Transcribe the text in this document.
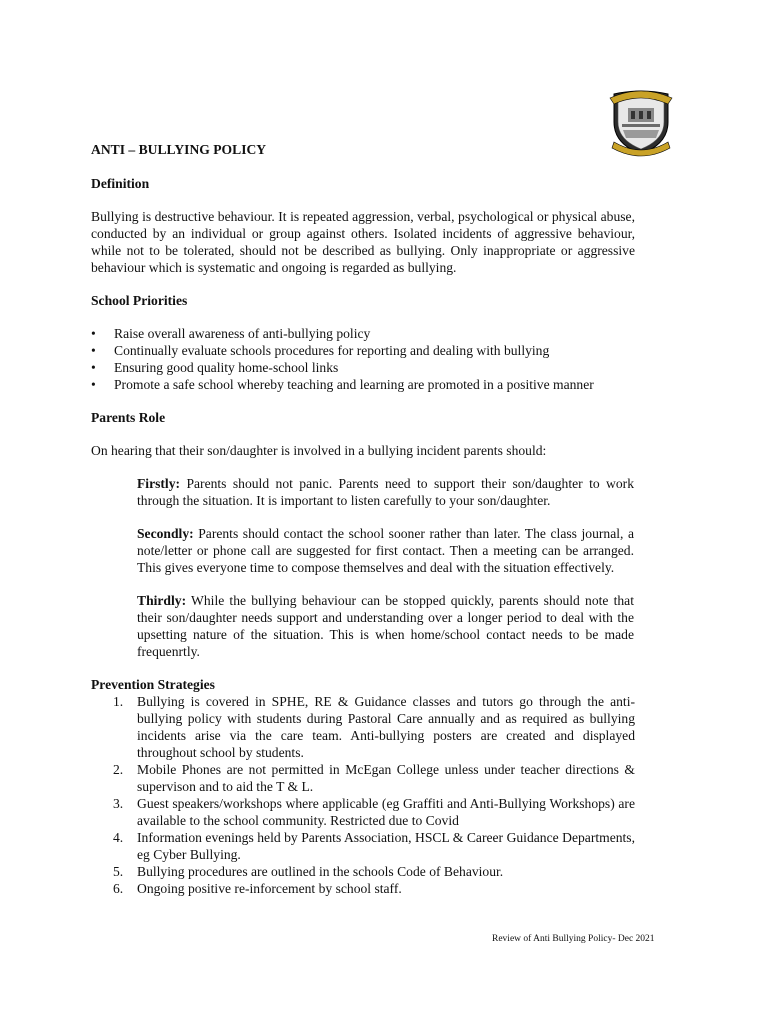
ANTI – BULLYING POLICY
Definition

Bullying is destructive behaviour. It is repeated aggression, verbal, psychological or physical abuse, conducted by an individual or group against others. Isolated incidents of aggressive behaviour, while not to be tolerated, should not be described as bullying. Only inappropriate or aggressive behaviour which is systematic and ongoing is regarded as bullying.

School Priorities
• Raise overall awareness of anti-bullying policy
• Continually evaluate schools procedures for reporting and dealing with bullying
• Ensuring good quality home-school links
• Promote a safe school whereby teaching and learning are promoted in a positive manner
Parents Role

On hearing that their son/daughter is involved in a bullying incident parents should:

Firstly: Parents should not panic. Parents need to support their son/daughter to work through the situation. It is important to listen carefully to your son/daughter.
Secondly: Parents should contact the school sooner rather than later. The class journal, a note/letter or phone call are suggested for first contact. Then a meeting can be arranged. This gives everyone time to compose themselves and deal with the situation effectively.
Thirdly: While the bullying behaviour can be stopped quickly, parents should note that their son/daughter needs support and understanding over a longer period to deal with the upsetting nature of the situation. This is when home/school contact needs to be made frequenrtly.
Prevention Strategies
1. Bullying is covered in SPHE, RE & Guidance classes and tutors go through the anti-bullying policy with students during Pastoral Care annually and as required as bullying incidents arise via the care team. Anti-bullying posters are created and displayed throughout school by students.
2. Mobile Phones are not permitted in McEgan College unless under teacher directions & supervison and to aid the T & L.
3. Guest speakers/workshops where applicable (eg Graffiti and Anti-Bullying Workshops) are available to the school community. Restricted due to Covid
4. Information evenings held by Parents Association, HSCL & Career Guidance Departments, eg Cyber Bullying.
5. Bullying procedures are outlined in the schools Code of Behaviour.
6. Ongoing positive re-inforcement by school staff.
Review of Anti Bullying Policy- Dec 2021
